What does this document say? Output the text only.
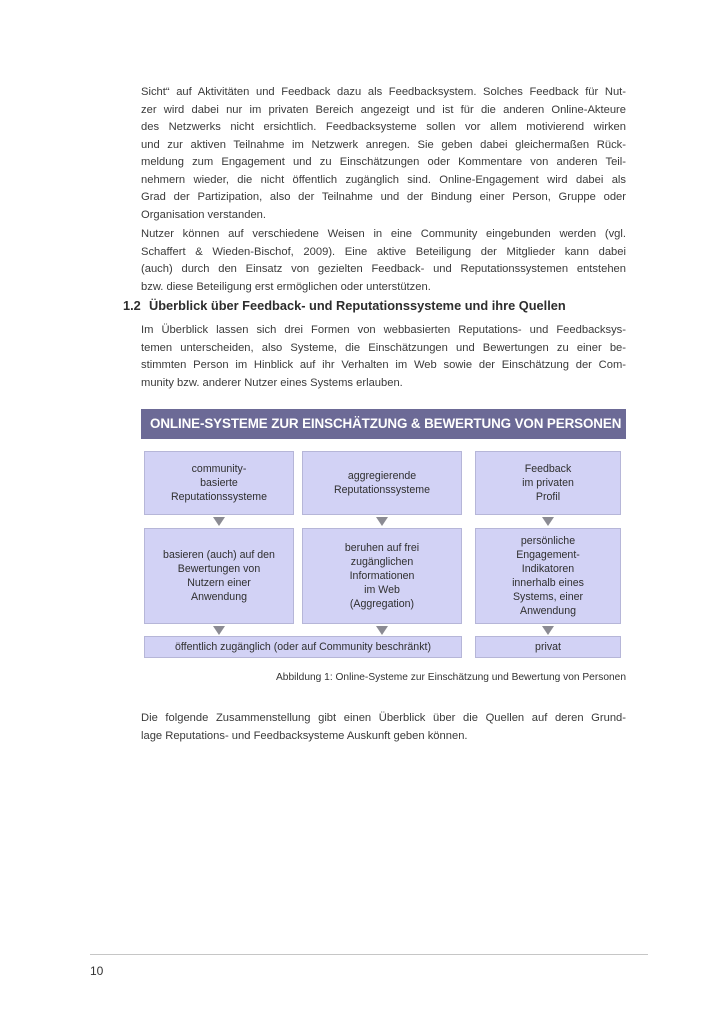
Sicht“ auf Aktivitäten und Feedback dazu als Feedbacksystem. Solches Feedback für Nut-
zer wird dabei nur im privaten Bereich angezeigt und ist für die anderen Online-Akteure
des Netzwerks nicht ersichtlich. Feedbacksysteme sollen vor allem motivierend wirken
und zur aktiven Teilnahme im Netzwerk anregen. Sie geben dabei gleichermaßen Rück-
meldung zum Engagement und zu Einschätzungen oder Kommentare von anderen Teil-
nehmern wieder, die nicht öffentlich zugänglich sind. Online-Engagement wird dabei als
Grad der Partizipation, also der Teilnahme und der Bindung einer Person, Gruppe oder
Organisation verstanden.

Nutzer können auf verschiedene Weisen in eine Community eingebunden werden (vgl.
Schaffert & Wieden-Bischof, 2009). Eine aktive Beteiligung der Mitglieder kann dabei
(auch) durch den Einsatz von gezielten Feedback- und Reputationssystemen entstehen
bzw. diese Beteiligung erst ermöglichen oder unterstützen.

1.2 Überblick über Feedback- und Reputationssysteme und ihre Quellen

Im Überblick lassen sich drei Formen von webbasierten Reputations- und Feedbacksys-
temen unterscheiden, also Systeme, die Einschätzungen und Bewertungen zu einer be-
stimmten Person im Hinblick auf ihr Verhalten im Web sowie der Einschätzung der Com-
munity bzw. anderer Nutzer eines Systems erlauben.

ONLINE-SYSTEME ZUR EINSCHÄTZUNG & BEWERTUNG VON PERSONEN
community-
basierte
Reputationssysteme
aggregierende
Reputationssysteme
Feedback
im privaten
Profil
basieren (auch) auf den
Bewertungen von
Nutzern einer
Anwendung
beruhen auf frei
zugänglichen
Informationen
im Web
(Aggregation)
persönliche
Engagement-
Indikatoren
innerhalb eines
Systems, einer
Anwendung
öffentlich zugänglich (oder auf Community beschränkt)	privat

Abbildung 1: Online-Systeme zur Einschätzung und Bewertung von Personen

Die folgende Zusammenstellung gibt einen Überblick über die Quellen auf deren Grund-
lage Reputations- und Feedbacksysteme Auskunft geben können.

10
